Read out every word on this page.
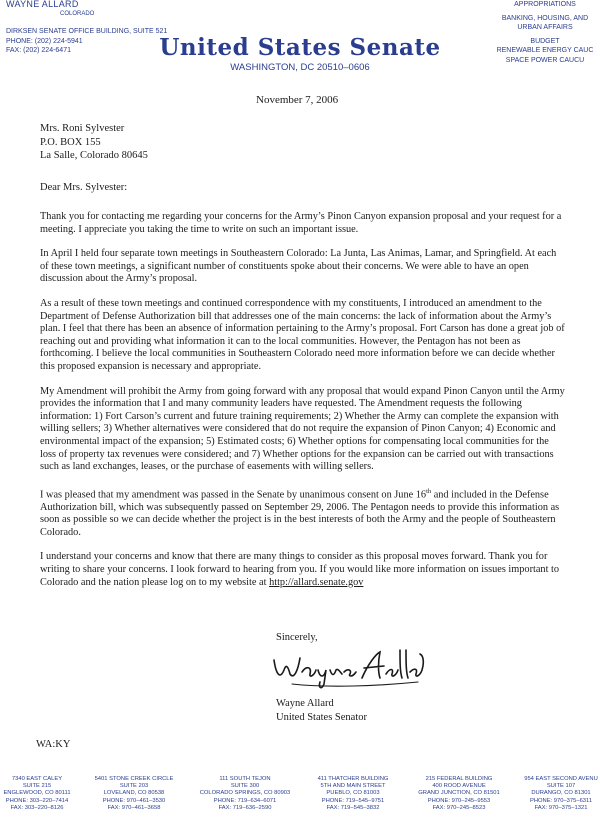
WAYNE ALLARD
COLORADO
DIRKSEN SENATE OFFICE BUILDING, SUITE 521
PHONE: (202) 224-5941
FAX: (202) 224-6471
APPROPRIATIONS
BANKING, HOUSING, AND
URBAN AFFAIRS
BUDGET
RENEWABLE ENERGY CAUC
SPACE POWER CAUCU
United States Senate
WASHINGTON, DC 20510–0606
November 7, 2006
Mrs. Roni Sylvester
P.O. BOX 155
La Salle, Colorado 80645
Dear Mrs. Sylvester:

Thank you for contacting me regarding your concerns for the Army’s Pinon Canyon expansion proposal and your request for a meeting. I appreciate you taking the time to write on such an important issue.

In April I held four separate town meetings in Southeastern Colorado: La Junta, Las Animas, Lamar, and Springfield. At each of these town meetings, a significant number of constituents spoke about their concerns. We were able to have an open discussion about the Army’s proposal.

As a result of these town meetings and continued correspondence with my constituents, I introduced an amendment to the Department of Defense Authorization bill that addresses one of the main concerns: the lack of information about the Army’s plan. I feel that there has been an absence of information pertaining to the Army’s proposal. Fort Carson has done a great job of reaching out and providing what information it can to the local communities. However, the Pentagon has not been as forthcoming. I believe the local communities in Southeastern Colorado need more information before we can decide whether this proposed expansion is necessary and appropriate.

My Amendment will prohibit the Army from going forward with any proposal that would expand Pinon Canyon until the Army provides the information that I and many community leaders have requested. The Amendment requests the following information: 1) Fort Carson’s current and future training requirements; 2) Whether the Army can complete the expansion with willing sellers; 3) Whether alternatives were considered that do not require the expansion of Pinon Canyon; 4) Economic and environmental impact of the expansion; 5) Estimated costs; 6) Whether options for compensating local communities for the loss of property tax revenues were considered; and 7) Whether options for the expansion can be carried out with transactions such as land exchanges, leases, or the purchase of easements with willing sellers.

I was pleased that my amendment was passed in the Senate by unanimous consent on June 16th and included in the Defense Authorization bill, which was subsequently passed on September 29, 2006. The Pentagon needs to provide this information as soon as possible so we can decide whether the project is in the best interests of both the Army and the people of Southeastern Colorado.

I understand your concerns and know that there are many things to consider as this proposal moves forward. Thank you for writing to share your concerns. I look forward to hearing from you. If you would like more information on issues important to Colorado and the nation please log on to my website at http://allard.senate.gov

Sincerely,
Wayne Allard
United States Senator
WA:KY
7340 EAST CALEY
SUITE 215
ENGLEWOOD, CO 80111
PHONE: 303–220–7414
FAX: 303–220–8126
5401 STONE CREEK CIRCLE
SUITE 203
LOVELAND, CO 80538
PHONE: 970–461–3530
FAX: 970–461–3658
111 SOUTH TEJON
SUITE 300
COLORADO SPRINGS, CO 80903
PHONE: 719–634–6071
FAX: 719–636–2590
411 THATCHER BUILDING
5TH AND MAIN STREET
PUEBLO, CO 81003
PHONE: 719–545–9751
FAX: 719–545–3832
215 FEDERAL BUILDING
400 ROOD AVENUE
GRAND JUNCTION, CO 81501
PHONE: 970–245–9553
FAX: 970–245–8523
954 EAST SECOND AVENU
SUITE 107
DURANGO, CO 81301
PHONE: 970–375–6311
FAX: 970–375–1321
